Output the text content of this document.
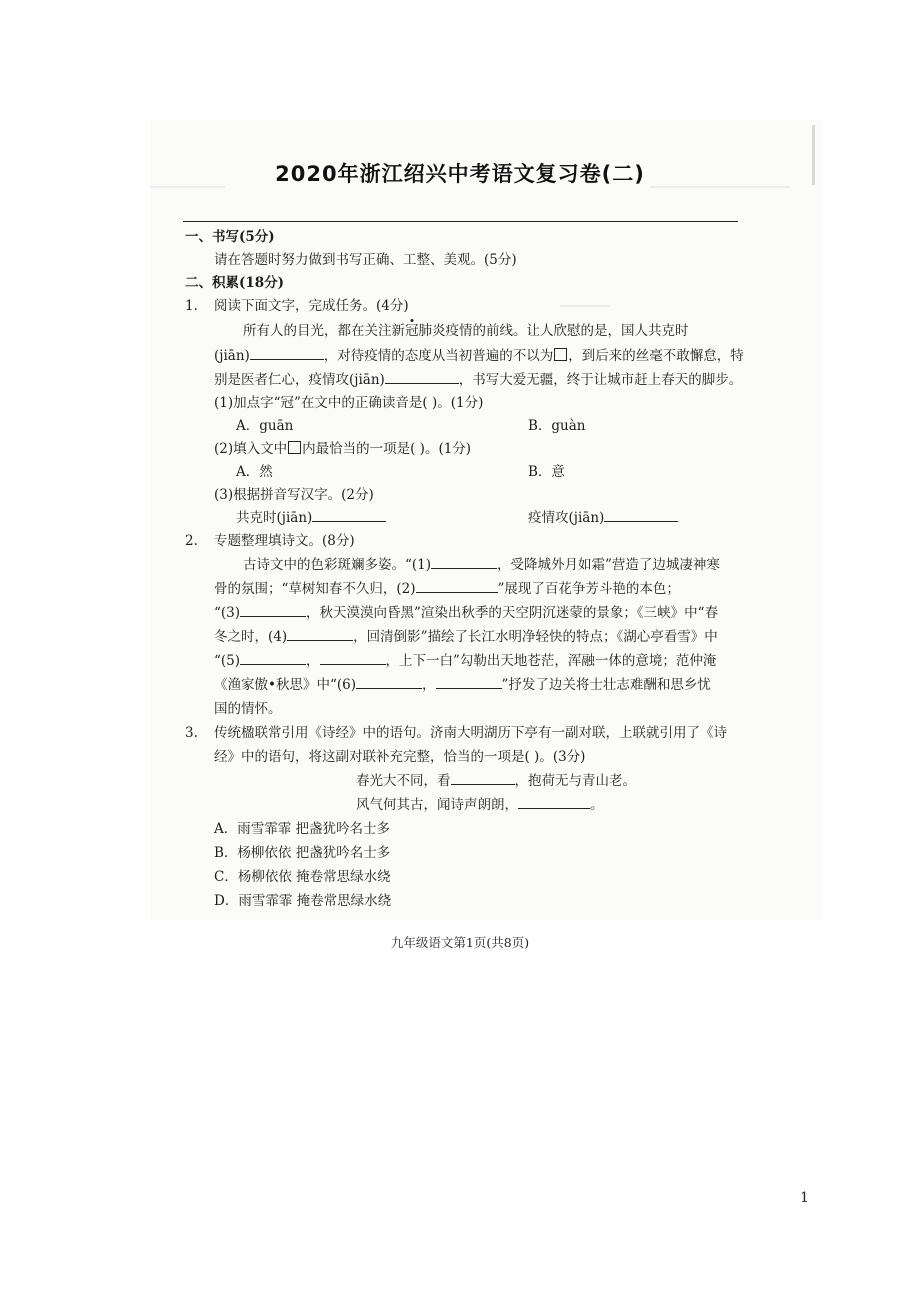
2020年浙江绍兴中考语文复习卷(二)
一、书写(5分)
请在答题时努力做到书写正确、工整、美观。(5分)
二、积累(18分)
1. 阅读下面文字，完成任务。(4分)
所有人的目光，都在关注新冠肺炎疫情的前线。让人欣慰的是，国人共克时
(jiān)	，对待疫情的态度从当初普遍的不以为 ，到后来的丝毫不敢懈怠，特
别是医者仁心，疫情攻(jiān)	，书写大爱无疆，终于让城市赶上春天的脚步。
(1)加点字“冠”在文中的正确读音是( )。(1分)
A．guān	B．guàn
(2)填入文中 内最恰当的一项是( )。(1分)
A．然	B．意
(3)根据拼音写汉字。(2分)
共克时(jiān)	疫情攻(jiān)
2. 专题整理填诗文。(8分)
古诗文中的色彩斑斓多姿。“(1)	，受降城外月如霜”营造了边城凄神寒
骨的氛围；“草树知春不久归，(2)	”展现了百花争芳斗艳的本色；
“(3)	，秋天漠漠向昏黑”渲染出秋季的天空阴沉迷蒙的景象；《三峡》中“春
冬之时，(4)	，回清倒影”描绘了长江水明净轻快的特点；《湖心亭看雪》中
“(5)	，	，上下一白”勾勒出天地苍茫，浑融一体的意境；范仲淹
《渔家傲•秋思》中“(6)	，	”抒发了边关将士壮志难酬和思乡忧
国的情怀。
3. 传统楹联常引用《诗经》中的语句。济南大明湖历下亭有一副对联，上联就引用了《诗
经》中的语句，将这副对联补充完整，恰当的一项是( )。(3分)
春光大不同，看	，抱荷无与青山老。
风气何其古，闻诗声朗朗，	。
A．雨雪霏霏 把盏犹吟名士多
B．杨柳依依 把盏犹吟名士多
C．杨柳依依 掩卷常思绿水绕
D．雨雪霏霏 掩卷常思绿水绕
九年级语文第1页(共8页)
1
